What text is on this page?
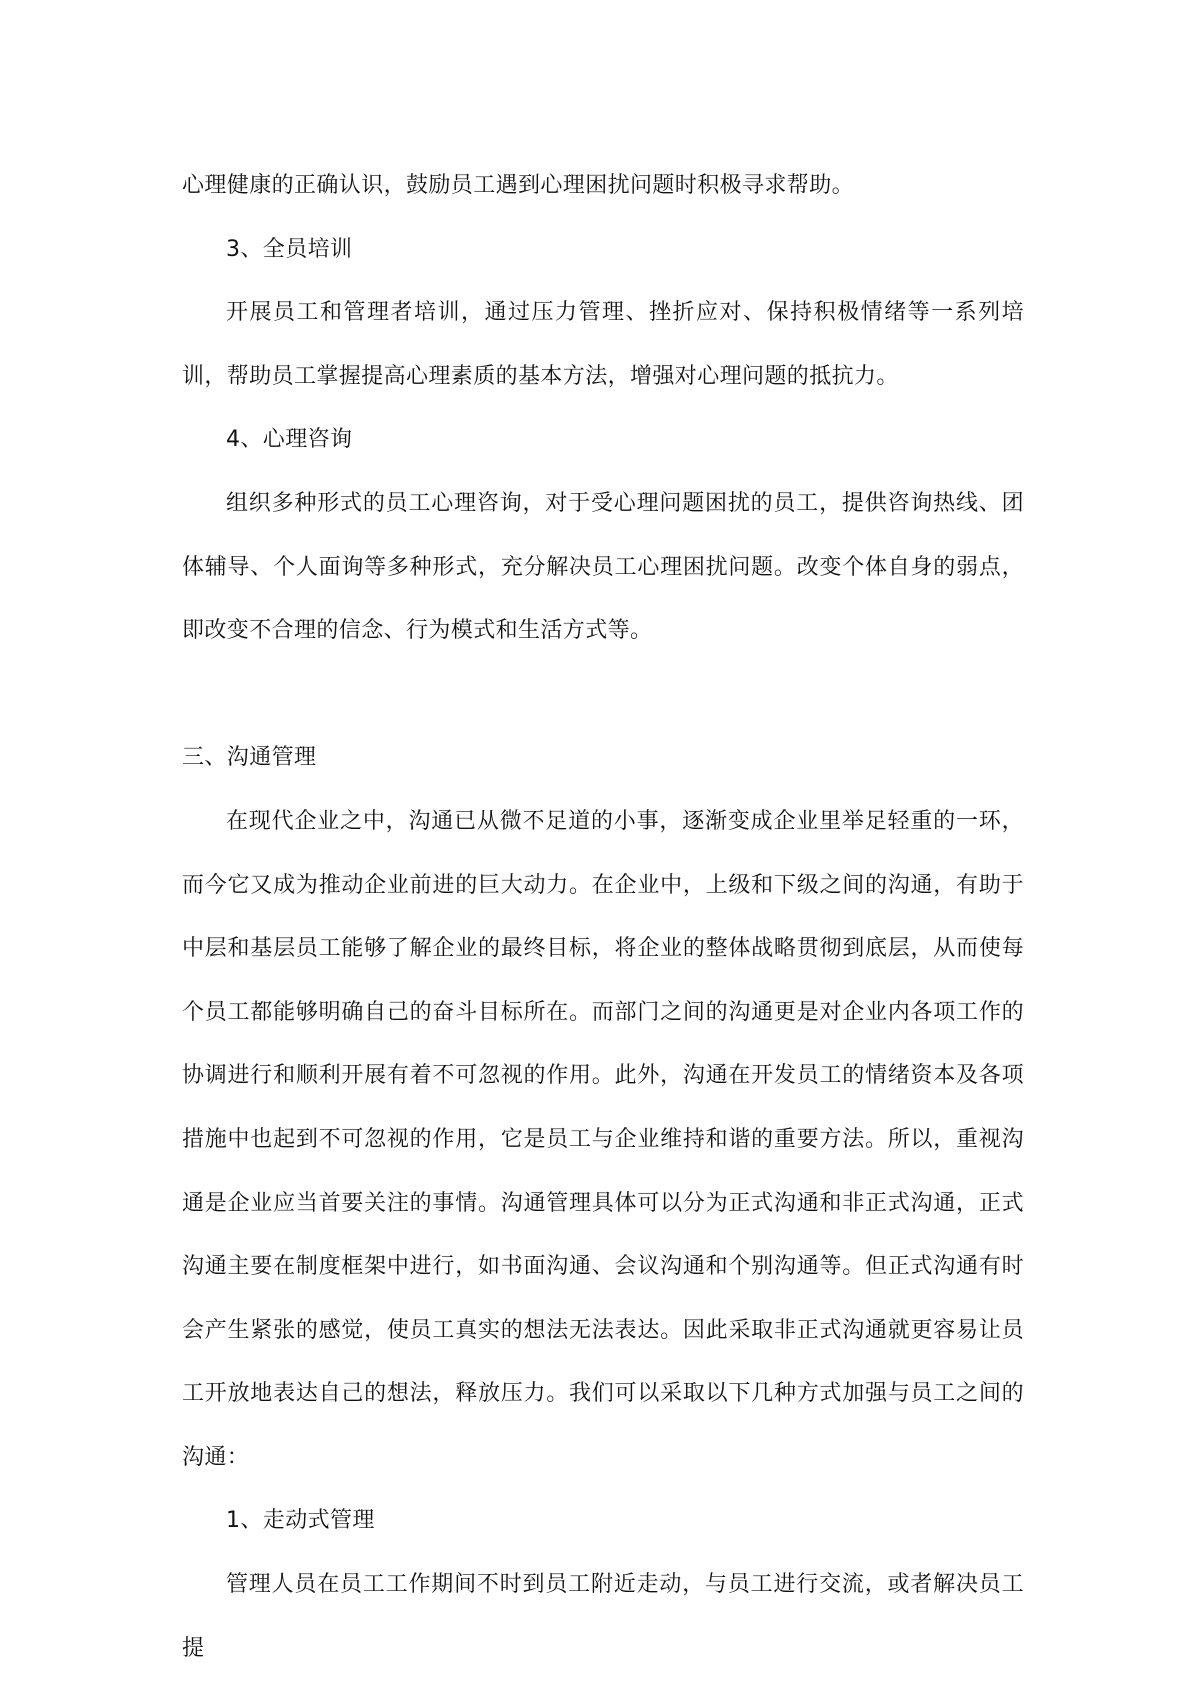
心理健康的正确认识，鼓励员工遇到心理困扰问题时积极寻求帮助。

3、全员培训

开展员工和管理者培训，通过压力管理、挫折应对、保持积极情绪等一系列培训，帮助员工掌握提高心理素质的基本方法，增强对心理问题的抵抗力。

4、心理咨询

组织多种形式的员工心理咨询，对于受心理问题困扰的员工，提供咨询热线、团体辅导、个人面询等多种形式，充分解决员工心理困扰问题。改变个体自身的弱点，即改变不合理的信念、行为模式和生活方式等。

三、沟通管理

在现代企业之中，沟通已从微不足道的小事，逐渐变成企业里举足轻重的一环，而今它又成为推动企业前进的巨大动力。在企业中，上级和下级之间的沟通，有助于中层和基层员工能够了解企业的最终目标，将企业的整体战略贯彻到底层，从而使每个员工都能够明确自己的奋斗目标所在。而部门之间的沟通更是对企业内各项工作的协调进行和顺利开展有着不可忽视的作用。此外，沟通在开发员工的情绪资本及各项措施中也起到不可忽视的作用，它是员工与企业维持和谐的重要方法。所以，重视沟通是企业应当首要关注的事情。沟通管理具体可以分为正式沟通和非正式沟通，正式沟通主要在制度框架中进行，如书面沟通、会议沟通和个别沟通等。但正式沟通有时会产生紧张的感觉，使员工真实的想法无法表达。因此采取非正式沟通就更容易让员工开放地表达自己的想法，释放压力。我们可以采取以下几种方式加强与员工之间的沟通：

1、走动式管理

管理人员在员工工作期间不时到员工附近走动，与员工进行交流，或者解决员工提
